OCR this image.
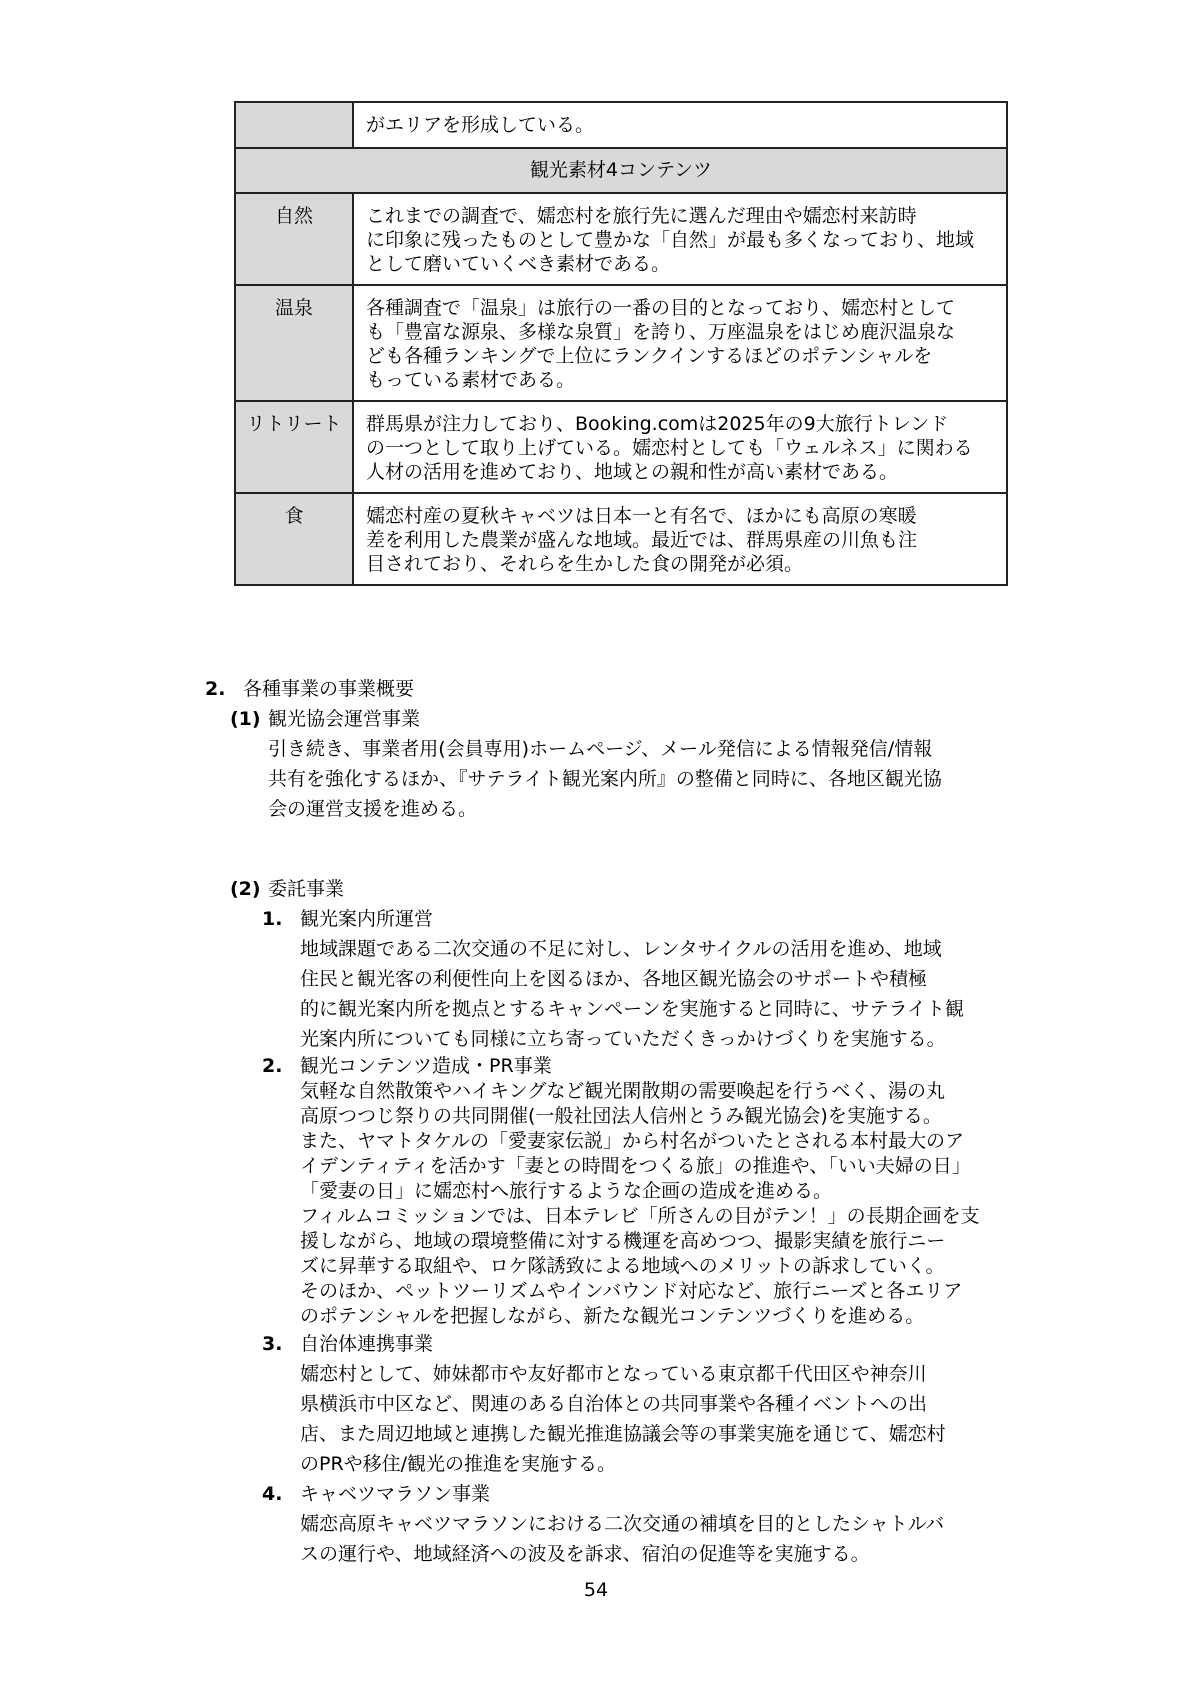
	がエリアを形成している。
観光素材4コンテンツ	
自然	これまでの調査で、嬬恋村を旅行先に選んだ理由や嬬恋村来訪時
に印象に残ったものとして豊かな「自然」が最も多くなっており、地域
として磨いていくべき素材である。

温泉	各種調査で「温泉」は旅行の一番の目的となっており、嬬恋村として
も「豊富な源泉、多様な泉質」を誇り、万座温泉をはじめ鹿沢温泉な
ども各種ランキングで上位にランクインするほどのポテンシャルを
もっている素材である。

リトリート	群馬県が注力しており、Booking.comは2025年の9大旅行トレンド
の一つとして取り上げている。嬬恋村としても「ウェルネス」に関わる
人材の活用を進めており、地域との親和性が高い素材である。

食	嬬恋村産の夏秋キャベツは日本一と有名で、ほかにも高原の寒暖
差を利用した農業が盛んな地域。最近では、群馬県産の川魚も注
目されており、それらを生かした食の開発が必須。
2. 各種事業の事業概要
(1) 観光協会運営事業
引き続き、事業者用(会員専用)ホームページ、メール発信による情報発信/情報
共有を強化するほか、『サテライト観光案内所』の整備と同時に、各地区観光協
会の運営支援を進める。
(2) 委託事業
1. 観光案内所運営
地域課題である二次交通の不足に対し、レンタサイクルの活用を進め、地域
住民と観光客の利便性向上を図るほか、各地区観光協会のサポートや積極
的に観光案内所を拠点とするキャンペーンを実施すると同時に、サテライト観
光案内所についても同様に立ち寄っていただくきっかけづくりを実施する。
2. 観光コンテンツ造成・PR事業
気軽な自然散策やハイキングなど観光閑散期の需要喚起を行うべく、湯の丸
高原つつじ祭りの共同開催(一般社団法人信州とうみ観光協会)を実施する。
また、ヤマトタケルの「愛妻家伝説」から村名がついたとされる本村最大のア
イデンティティを活かす「妻との時間をつくる旅」の推進や、「いい夫婦の日」
「愛妻の日」に嬬恋村へ旅行するような企画の造成を進める。
フィルムコミッションでは、日本テレビ「所さんの目がテン！」の長期企画を支
援しながら、地域の環境整備に対する機運を高めつつ、撮影実績を旅行ニー
ズに昇華する取組や、ロケ隊誘致による地域へのメリットの訴求していく。
そのほか、ペットツーリズムやインバウンド対応など、旅行ニーズと各エリア
のポテンシャルを把握しながら、新たな観光コンテンツづくりを進める。
3. 自治体連携事業
嬬恋村として、姉妹都市や友好都市となっている東京都千代田区や神奈川
県横浜市中区など、関連のある自治体との共同事業や各種イベントへの出
店、また周辺地域と連携した観光推進協議会等の事業実施を通じて、嬬恋村
のPRや移住/観光の推進を実施する。
4. キャベツマラソン事業
嬬恋高原キャベツマラソンにおける二次交通の補填を目的としたシャトルバ
スの運行や、地域経済への波及を訴求、宿泊の促進等を実施する。
54
